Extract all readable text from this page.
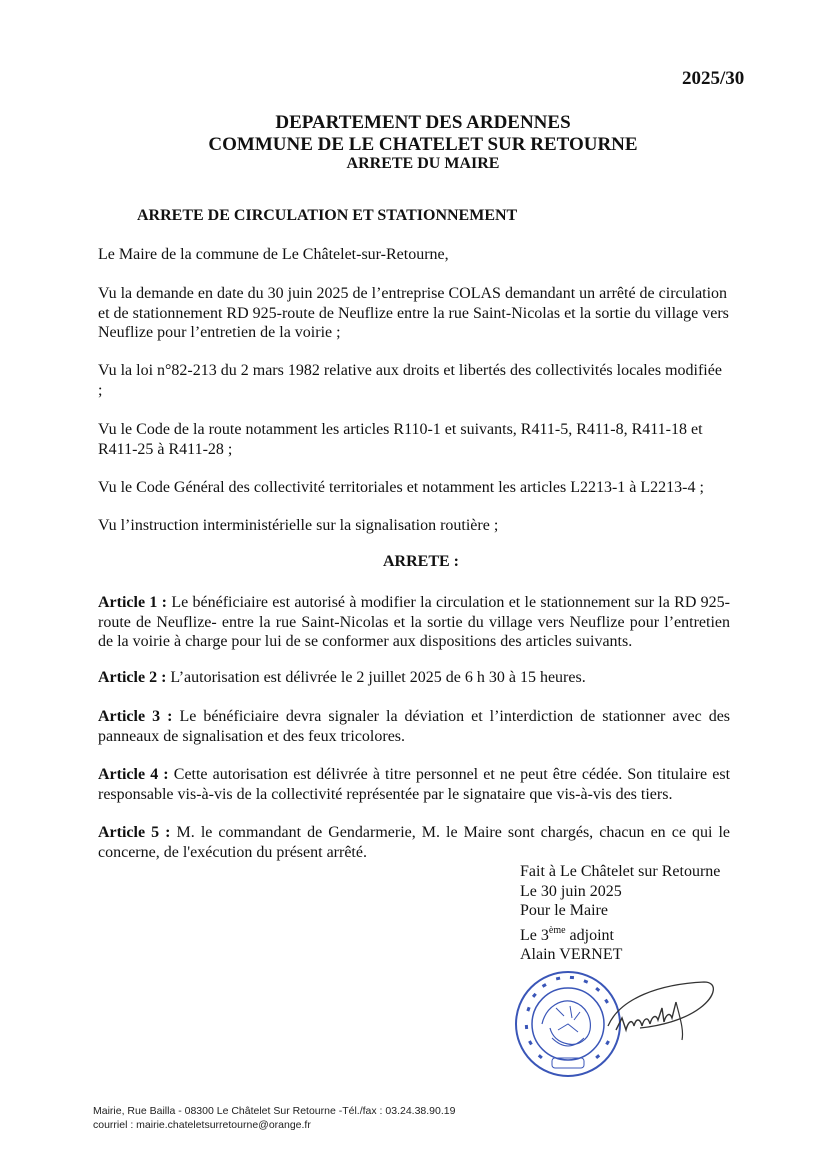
2025/30
DEPARTEMENT DES ARDENNES
COMMUNE DE LE CHATELET SUR RETOURNE
ARRETE DU MAIRE
ARRETE DE CIRCULATION ET STATIONNEMENT
Le Maire de la commune de Le Châtelet-sur-Retourne,
Vu la demande en date du 30 juin 2025 de l’entreprise COLAS demandant un arrêté de circulation et de stationnement RD 925-route de Neuflize entre la rue Saint-Nicolas et la sortie du village vers Neuflize pour l’entretien de la voirie ;
Vu la loi n°82-213 du 2 mars 1982 relative aux droits et libertés des collectivités locales modifiée ;
Vu le Code de la route notamment les articles R110-1 et suivants, R411-5, R411-8, R411-18 et R411-25 à R411-28 ;
Vu le Code Général des collectivité territoriales et notamment les articles L2213-1 à L2213-4 ;
Vu l’instruction interministérielle sur la signalisation routière ;
ARRETE :
Article 1 : Le bénéficiaire est autorisé à modifier la circulation et le stationnement sur la RD 925-route de Neuflize- entre la rue Saint-Nicolas et la sortie du village vers Neuflize pour l’entretien de la voirie à charge pour lui de se conformer aux dispositions des articles suivants.
Article 2 : L’autorisation est délivrée le 2 juillet 2025 de 6 h 30 à 15 heures.
Article 3 : Le bénéficiaire devra signaler la déviation et l’interdiction de stationner avec des panneaux de signalisation et des feux tricolores.
Article 4 : Cette autorisation est délivrée à titre personnel et ne peut être cédée. Son titulaire est responsable vis-à-vis de la collectivité représentée par le signataire que vis-à-vis des tiers.
Article 5 : M. le commandant de Gendarmerie, M. le Maire sont chargés, chacun en ce qui le concerne, de l'exécution du présent arrêté.
Fait à Le Châtelet sur Retourne
Le 30 juin 2025
Pour le Maire
Le 3ème adjoint
Alain VERNET
Mairie, Rue Bailla - 08300 Le Châtelet Sur Retourne -Tél./fax : 03.24.38.90.19
courriel : mairie.chateletsurretourne@orange.fr
